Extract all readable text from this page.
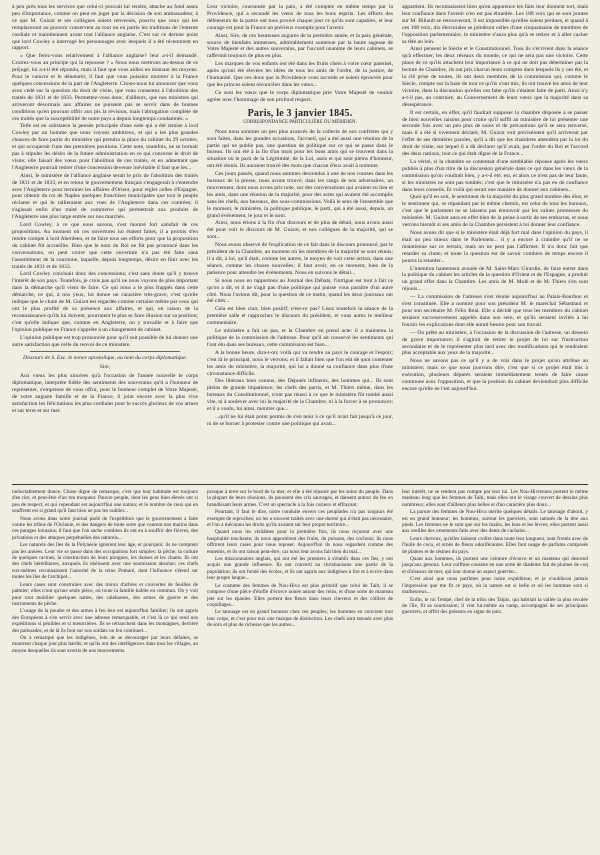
à peu près tous les services que celui-ci pouvait lui rendre, attache au fond assez peu d'importance, comme on peut en juger par la décision de son ambassadeur, à ce que M. Guizot et ses collègues soient renversés, pourvu que ceux qui les remplaceront au pouvoir conservent au tout ou en partie les traditions de l'entente cordiale et maintiennent avant tout l'alliance anglaise. C'est sur ce dernier point que lord Cowley a interrogé les personnages avec lesquels il a été récemment en rapport.

« Que ferez-vous relativement à l'alliance anglaise? leur a-t-il demandé. Croirez-vous au principe qui la repousse ? » Nous nous mettrons au-dessus de ce préjugé, lui a-t-il été répondu, mais il faut que vous aidiez en donnant les moyens. Pour le vaincre et le dénaturer, il faut que vous puissiez montrer à la France quelques concessions de la part de l'Angleterre. Citons-nous lui annoncer que vous avez cédé sur la question du droit de visite, que vous consentez à l'abolition des traités de 1831 et de 1833. Permettez-vous donc, d'ailleurs, que nos ministres qui arriveront désormais aux affaires ne puissent pas se servir dans de bonnes conditions qu'en pouvant offrir aux pis la révision, mais l'abrogation complète de ces traités que la susceptibilité de notre pays a depuis longtemps condamnés. »

Telle est en substance la pensée principale d'une note qui a été remise à lord Cowley par un homme que nous voyons ambitieux, et qui a les plus grandes chances de faire partie du ministère qui prendra la place du cabinet du 29 octobre, et qui occuperait l'une des premières positions. Cette note, toutefois, ne se bornait pas à stipuler les désirs de la future administration en ce qui concerne le droit de visite; elle faisait des vœux pour l'abolition de ces traités, et en admettant que l'Angleterre pourrait retirer d'une concession devenue inévitable il faut que les...

Ainsi, le ministère de l'alliance anglaise serait le prix de l'abolition des traités de 1831 et de 1833, et en retour le gouvernement français s'engagerait à s'entendre avec l'Angleterre pour terminer les affaires d'Orient, pour régler celles d'Espagne, pour obtenir du roi de Naples quelques franchises municipales que tout le peuple réclame et qui le rallieraient aux vues de l'Angleterre dans ces contrées; il s'agissait enfin d'un traité de commerce qui permettrait aux produits de l'Angleterre une plus large entrée sur nos marchés.

Lord Cowley, à ce que nous savons, s'est montré fort satisfait de ces propositions. Au moment où ces ouvertures lui étaient faites, il a promis d'en rendre compte à lord Aberdeen, et de faire tous ses efforts pour que la proposition du cabinet fût accueillie. Bien que le nom du Roi ne fût pas prononcé dans les conversations, on peut croire que cette ouverture n'a pas été faite sans l'assentiment de la couronne, laquelle, depuis longtemps, désire en finir avec les traités de 1831 et de 1833.

Lord Cowley concluait donc des concessions; c'est sans doute qu'il y trouve l'intérêt de son pays. Toutefois, je crois pas qu'il ne nous voyons de plus important dans la démarche qu'il vient de faire. Ce qui nous a le plus frappés dans cette démarche, ce qui, à nos yeux, lui donne un caractère très-grave, c'est qu'elle indique que le chute de M. Guizot est regardée comme certaine même par ceux qui ont le plus profité de sa présence aux affaires, et qui, en raison de la reconnaissance qu'ils lui doivent, pourraient le plus se faire illusion sur sa position; c'est qu'elle indique que, comme en Angleterre, on y travaille et à faire que l'opinion publique en France s'apprête à un changement de cabinet.

L'opinion publique est trop prononcée pour qu'il soit possible de lui donner une autre satisfaction que celle du renvoi de ce ministère.

Discours de S. Exc. le nonce apostolique, au nom du corps diplomatique.

Sire,

Aux vœux les plus sincères qu'à l'occasion de l'année nouvelle le corps diplomatique, interprète fidèle des sentiments des souverains qu'il a l'honneur de représenter, s'empresse de vous offrir, pour le bonheur complet de Votre Majesté, de votre auguste famille et de la France, il joint encore avec la plus vive satisfaction les félicitations les plus cordiales pour le succès glorieux de vos armes et sur terre et sur mer.

Leur victoire, couronnée par la paix, a été comptée en même temps par la Providence, qui a secondé les vœux de tous les bons esprits. Les efforts des défenseurs de la patrie ont tous prouvé chaque jour ce qu'ils sont capables, et leur courage est pour la France un précieux exemple pour l'avenir.

Ainsi, Sire, de ces heureuses augures de la première année, et la paix générale, source de bienfaits immenses, admirablement soutenue par la haute sagesse de Votre Majesté et des autres souverains, par l'accord unanime de leurs cabinets, se raffermit toujours de plus en plus.

Les marques de vos enfants ont été dans les fruits chers à votre cœur paternel, après qu'ont été élevées les idées de tous les amis de l'ordre, de la justice, de l'humanité. Que ces dons que la Providence vous accorde se soient éprouvés pour que les princes soient réconcilier dans les vœux...

Ce sont les vœux que le corps diplomatique prie Votre Majesté de vouloir agréer avec l'hommage de son profond respect.

Paris, le 3 janvier 1845.
CORRESPONDANCE PARTICULIÈRE DU MÉRIDIEN.

Nous nous sommes un peu plus avancés de la collecte de nos confrères qui y sont faites, dans les grandes occasions, l'accueil, qui a été aussi une réunion de la partie qui ne publie pas, une question de politique sur ce qui se passe dans le bureau. Ils ont été à la fin d'un mois pour les bons amis qui se trouvent dans la situation où le parti de la Légitimité, de la Loi, assis et qui sont pleins d'honneur, ont été réunis. Ils auraient trouvé des mots que chacun d'eux avait à nommer.

Ces jours passés, quand nous sommes descendus à une de nos courses dans les bureaux de la presse, nous avons trouvé, dans les rangs de nos adversaires, un mouvement, dont nous avons pris note, sur des conversations qui avaient eu lieu et les amis, dans une réunion de la majorité, pour des actes qui avaient été accomplis sans les chefs, aux bureaux, des sous-commissions. Voilà le sens de l'ensemble que le moment, le ministère, la politique publique, le parti, qui a été aussi, depuis, un grand événement, le jour et le nom.

Ainsi, nous étions à la fin d'un discours et de plus de détail, nous avons aussi été pour voir le discours de M. Guizot, et nos collègues de la majorité, qui se sont...

Nous avons observé de l'explication de ce fait dans le discours prononcé, par le président de la Chambre, au moment où les membres de la majorité se sont réunis; il a dit, à lui, qu'il était, comme les autres, le moyen de voir cette action, dans une séance, comme les choses nouvelles; il faut avoir, en ce moment, bien de la patience pour attendre les événements. Nous en suivons le détail...

Si nous nous en rapportons au Journal des Débats, l'intrigue est tout à fait ce qu'on a dit, et il ne s'agit pas d'une politique qui puisse vous paraître d'un autre côté. Nous l'avions dit, pour la question de ce matin, quand les deux journaux ont été cités...

Cela est bien clair, bien positif; n'est-ce pas? Lisez toutefois la séance de la première salle et rapprochez le discours du président, et vous aurez le meilleur commentaire.

Le ministère a fait un pas, et la Chambre en prend acte: il a maintenu la politique de la commission de l'adresse. Pour qu'il ait conservé les sentiments qui l'ont élu dans ses bureaux, cette commission est bien...

A la bonne heure, dira-t-on; voilà qui va rendre au pays le courage et l'espoir; c'est là le principal, nous le verrons; et il fallait bien que l'on eût de quoi contenter les amis du ministère, la majorité, qui lui a donné sa confiance dans plus d'une circonstance difficile.

Des libéraux bien connus, des Députés influents, des hommes qui... Ils sont pleins de grande impatience, les chefs des partis, et M. Thiers même, dans les bureaux du Constitutionnel, n'ont pas réussi à ce que le ministère fût tombé aussi vite, ni à soulever avec lui la majorité de la Chambre, ni à la forcer à se prononcer; et il a voulu, lui ainsi, montrer que...

...qu'il ne lui était point permis de s'en tenir à ce qu'il avait fait jusqu'à ce jour, ni de se borner à protester contre une politique qui avait...

appartient. Ils reconnaissent bien qu'en apparence les faits leur donnent tort, mais leur confiance dans l'avenir n'en est pas ébranlée. Les 188 voix qui se sont jointes sur M. Billault se retrouveront, il est impossible qu'elles soient perdues, et quand à ces 168 voix, dix électorales se joindront celles d'une cinquantaine de membres de l'opposition parlementaire, le ministère n'aura plus qu'à se retirer et à aller cacher sa tête au loin.

Ainsi pensent le Siècle et le Constitutionnel. Tous ils s'écrivent dans la séance qu'à effectuer, les deux réseaux du monde, ce qui ne sera pas une victoire. Cette place de ce qu'ils attachent leur importance à ce qui ne doit pas déterminer par la lecture de Chambre, ils ont pris chacun leurs comptes dans lesquels ils y ont été, et la clé prise de toutes, ils ont deux membres de la commission qui, comme le Siècle, compte sur la base de tout ce qu'ils s'ont mis, ils ont trouvé les amis de leur victoire, dans la discussion qu'elles ont faite qu'ils s'étaient faite de parti. Ainsi n'y a-t-il pas, au contraire, au Gouvernement de leurs vœux que la majorité dans sa désespérance.

Il est certain, en effet, qu'il faudrait supposer la chambre disposée à se passer de bien nouvelles raisons pour croire qu'il suffit au ministère de lui présenter une seconde fois avec un peu plus de soins et de précautions qu'il se sera renversé, mais il a été si vivement déclaré, M. Guizot voit précisément qu'il arriverait par l'effet de ses dernières paroles, qu'il a dit que les chambres attendent par la loi du droit de visite, sur lequel il a dû déclarer qu'il avait, par l'ordre du Roi et l'accord des deux nations, tout ce qui était digne de la France...

La vérité, si la chambre se contentait d'une semblable réponse après les vœux publiés à plus d'un titre de la discussion générale dans ce qui dans les vœux de la commission qu'on voudrait bien, y a-t-il été, est, et alors ce n'est pas de leur faute, si les ministres ne sont pas tombés; c'est que le ministère n'a pas eu de confiance dans leurs conseils. Et voilà qui serait une manière de donner aux cabinets...

Quoi qu'il en soit, le sentiment de la majorité du plus grand nombre des élus; et le sentiment qui, se répandant par le même chemin, est celui de tous les bureaux, c'est que le parlement ne se laissera pas émouvoir par les vaines promesses du ministère. M. Guizot aura en effet bien de la peine à sortir de ses embarras, et nous verrons bientôt si ses amis de la Chambre persistent à lui donner leur confiance.

Nous avons dit que si le ministère était déjà fort mal dans l'opinion du pays, il était un peu mieux dans le Parlement... il y a encore à craindre qu'il ne se maintienne sur ce terrain; mais on ne peut pas l'affirmer. Il n'a donc fait que retarder sa chute; et toute la question est de savoir combien de temps encore il pourra la retarder...

L'intention hautement avouée de M. Saint-Marc Girardin, de faire entrer dans la politique du cabinet les articles de la question d'Orient et de l'Espagne, a produit un grand effet dans la Chambre. Les amis de M. Molé et de M. Thiers s'en sont réjouis...

— La commission de l'adresse s'est réunie aujourd'hui au Palais-Bourbon et s'est constituée. Elle a nommé pour son président M. le maréchal Sébastiani et pour son secrétaire M. Félix Réal. Elle a décidé que tous les membres du cabinet seraient successivement appelés dans son sein, et qu'ils seraient invités à lui fournir les explications dont elle aurait besoin pour son travail.

— On prête au ministère, à l'occasion de la discussion de l'adresse, un dessein de grave importance; il s'agirait de retirer le projet de loi sur l'instruction secondaire et de le représenter plus tard avec des modifications qui le rendraient plus acceptable aux yeux de la majorité...

Nous ne savons pas ce qu'il y a de vrai dans le projet qu'on attribue au ministère; mais ce que nous pouvons dire, c'est que si ce projet était mis à exécution, plusieurs députés seraient immédiatement tentés de faire cause commune avec l'opposition, et que la position du cabinet deviendrait plus difficile encore qu'elle ne l'est aujourd'hui.

inéluctablement douce. Chose digne de remarque, c'est que leur habitude est toujours d'en rire, et peut-être d'un ton moqueur. Pauvre peuple, dont les gens bien élevés ont si peu de respect, et qui cependant est aujourd'hui une nation; et le nombre de ceux qui en souffrent est si grand qu'il faut bien ne pas les oublier...

Nous avons dans notre journal parlé de l'expédition que le gouvernement a faite contre les tribus de l'Océanie, et des dangers de toute sorte que courent nos marins dans ces parages lointains; il faut que l'on sache combien ils ont eu à souffrir des fièvres, des privations et des attaques perpétuelles des naturels...

Les naturels des îles de la Polynésie ignorent leur âge, et pourquoi; ils ne comptent pas les années. Leur vie se passe dans des occupations fort simples: la pêche, la culture de quelques racines, la construction de leurs pirogues, les danses et les chants. Ils ont des chefs héréditaires, auxquels ils obéissent avec une soumission absolue; ces chefs eux-mêmes reconnaissent l'autorité de la reine Pomaré, dont l'influence s'étend sur toutes les îles de l'archipel...

Leurs cases sont construites avec des troncs d'arbres et couvertes de feuilles de palmier; elles n'ont qu'une seule pièce, où toute la famille habite en commun. On y voit pour tout mobilier quelques nattes, des calebasses, des armes de guerre et des instruments de pêche.

L'usage de la poudre et des armes à feu leur est aujourd'hui familier; ils ont appris des Européens à s'en servir avec une adresse remarquable, et c'est là ce qui rend nos expéditions si pénibles et si meurtrières. Ils se retranchent dans les montagnes, derrière des palissades, et de là ils font sur nos soldats un feu continuel...

On a remarqué que les indigènes, loin de se décourager par leurs défaites, se montrent chaque jour plus hardis; et qu'ils ont des intelligences dans tous les villages, au moyen desquelles ils sont avertis de nos mouvements.

presque à terre sur le bord de la mer, et elle a été réparée par les soins du peuple. Dans la plupart de leurs réunions, ils poussent des cris sauvages, et dansent autour du feu en brandissant leurs armes. C'est un spectacle à la fois curieux et effrayant.

Pourtant, il faut le dire, notre conduite envers ces peuplades n'a pas toujours été exempte de reproches; on les a souvent traités avec une dureté qui n'était pas nécessaire, et l'on a méconnu les droits qu'ils avaient sur leur propre territoire...

Quand nous les visitâmes pour la première fois, ils nous reçurent avec une hospitalité touchante; ils nous apportèrent des fruits, du poisson, des cochons; ils nous offrirent leurs cases pour nous reposer. Aujourd'hui ils nous regardent comme des ennemis, et ils ont raison peut-être, car nous leur avons fait bien du mal...

Les missionnaires anglais, qui ont été les premiers à s'établir dans ces îles, y ont acquis une grande influence. Ils ont converti au christianisme une partie de la population; ils ont fondé des écoles, et ils ont appris aux indigènes à lire et à écrire dans leur propre langue...

Le costume des femmes de Nou-Hiva est plus primitif que celui de Taïti; il se compose d'une pièce d'étoffe d'écorce nouée autour des reins, et d'une sorte de manteau jeté sur les épaules. Elles portent des fleurs dans leurs cheveux et des colliers de coquillages...

Le tatouage est en grand honneur chez ces peuples; les hommes en couvrent tout leur corps, et c'est pour eux une marque de distinction. Les chefs sont tatoués avec plus de soin et plus de richesse que les autres...

leur intérêt, ne se rendent pas compte par leur lui. Les Nou-Hiviennes portent le même manteau long que les femmes de Taïti, mais elles ont le visage couvert de dessins plus nombreux; elles sont d'ailleurs plus belles et d'un caractère plus doux...

La parure des femmes de Nou-Hiva mérite quelques détails. Le tatouage d'abord, y est en grand honneur; les hommes, surtout les guerriers, sont tatoués de la tête aux pieds. Les femmes ne le sont que sur les mains, les bras et les lèvres; elles portent aussi aux oreilles des ornements faits avec des dents de cachalot...

Leurs cheveux, qu'elles laissent croître dans toute leur longueur, sont frottés avec de l'huile de coco, et ornés de fleurs odoriférantes. Elles font usage de parfums composés de plantes et de résines du pays.

Quant aux hommes, ils portent une ceinture d'écorce et un manteau qui descend jusqu'aux genoux. Leur coiffure consiste en une sorte de diadème fait de plumes de coq et d'oiseaux de mer, qui leur donne un aspect guerrier...

C'est ainsi que nous partîmes pour notre expédition; et je n'oublierai jamais l'impression que me fit ce pays, où la nature est si belle et où les hommes sont si malheureux...

Enfin, le roi Tempé, chef de la tribu des Taïpis, qui habitait la vallée la plus reculée de l'île, fit sa soumission; il vint lui-même au camp, accompagné de ses principaux guerriers, et offrit des présents en signe de paix.
